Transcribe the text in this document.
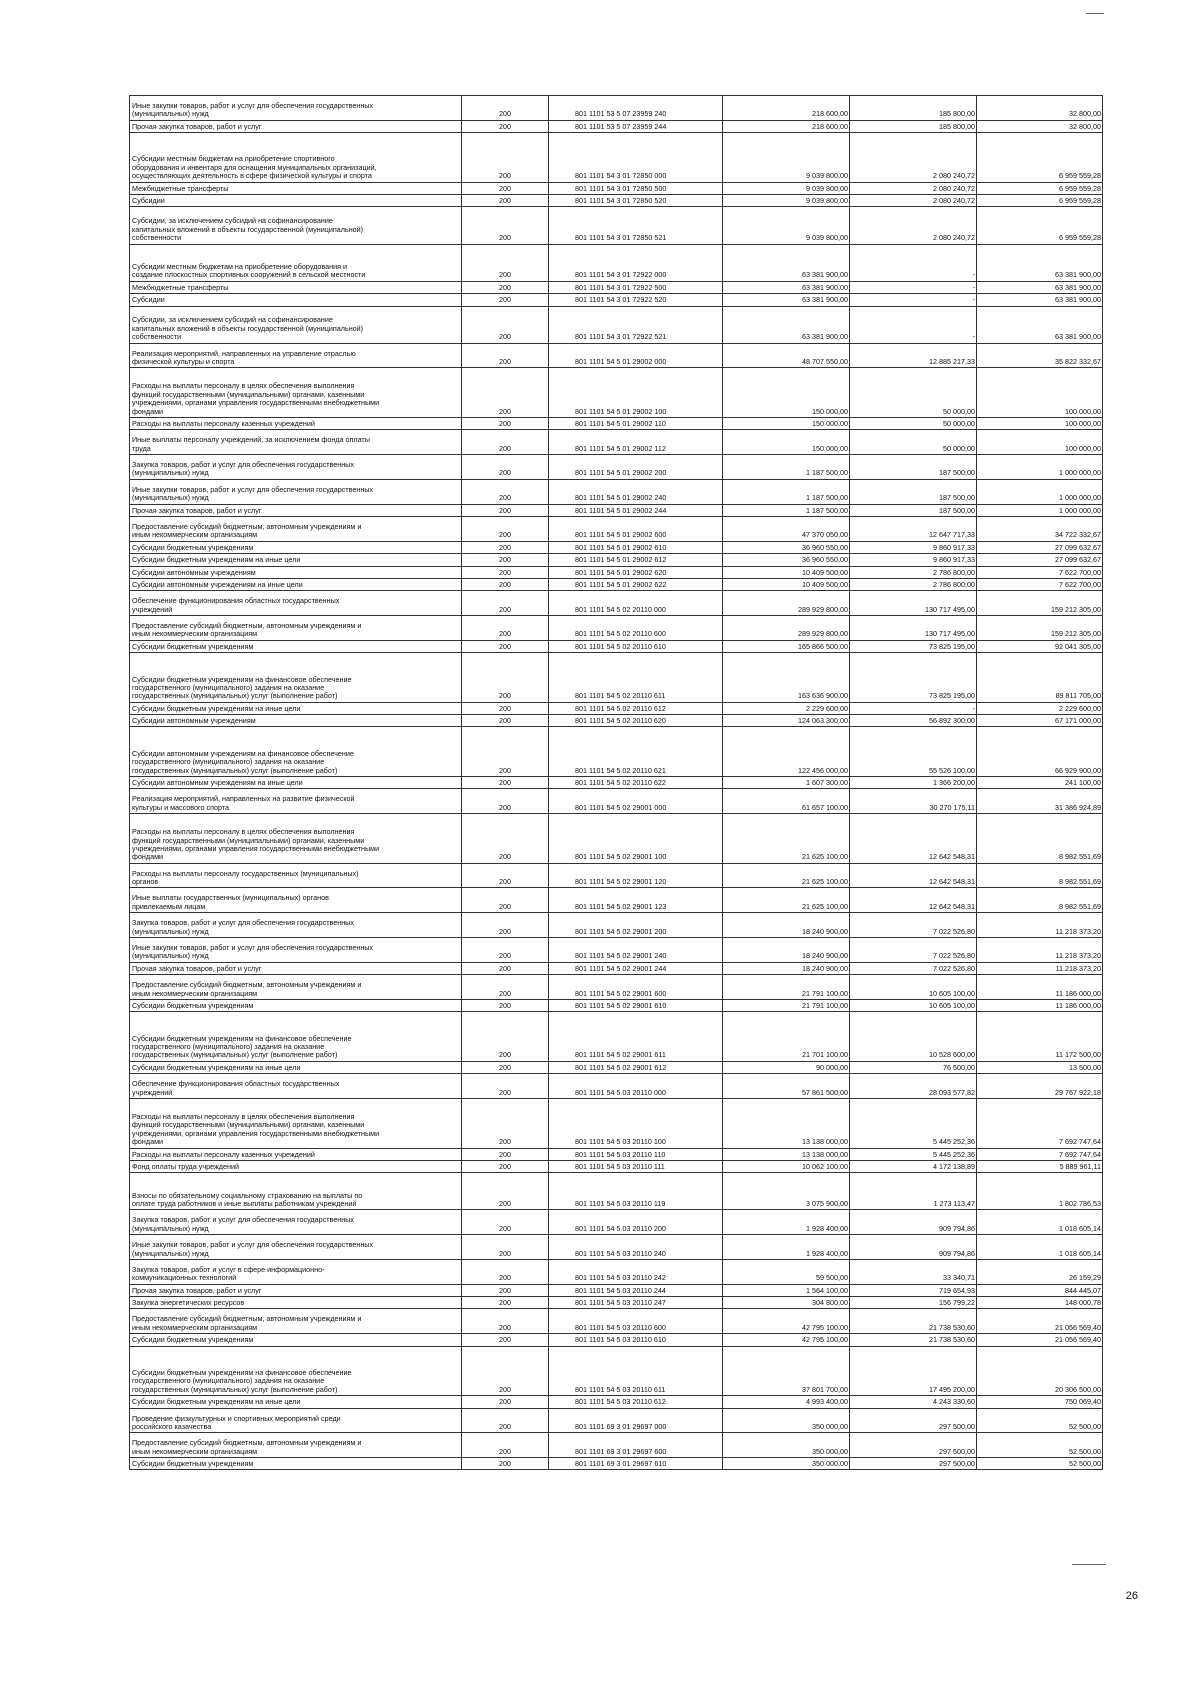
Иные закупки товаров, работ и услуг для обеспечения государственных
(муниципальных) нужд	200	801 1101 53 5 07 23959 240	218 600,00	185 800,00	32 800,00
Прочая закупка товаров, работ и услуг	200	801 1101 53 5 07 23959 244	218 600,00	185 800,00	32 800,00

Субсидии местным бюджетам на приобретение спортивного
оборудования и инвентаря для оснащения муниципальных организаций,
осуществляющих деятельность в сфере физической культуры и спорта	200	801 1101 54 3 01 72850 000	9 039 800,00	2 080 240,72	6 959 559,28
Межбюджетные трансферты	200	801 1101 54 3 01 72850 500	9 039 800,00	2 080 240,72	6 959 559,28
Субсидии	200	801 1101 54 3 01 72850 520	9 039 800,00	2 080 240,72	6 959 559,28
Субсидии, за исключением субсидий на софинансирование
капитальных вложений в объекты государственной (муниципальной)
собственности	200	801 1101 54 3 01 72850 521	9 039 800,00	2 080 240,72	6 959 559,28

Субсидии местным бюджетам на приобретение оборудования и
создание плоскостных спортивных сооружений в сельской местности	200	801 1101 54 3 01 72922 000	63 381 900,00	-	63 381 900,00
Межбюджетные трансферты	200	801 1101 54 3 01 72922 500	63 381 900,00	-	63 381 900,00
Субсидии	200	801 1101 54 3 01 72922 520	63 381 900,00	-	63 381 900,00
Субсидии, за исключением субсидий на софинансирование
капитальных вложений в объекты государственной (муниципальной)
собственности	200	801 1101 54 3 01 72922 521	63 381 900,00	-	63 381 900,00
Реализация мероприятий, направленных на управление отраслью
физической культуры и спорта	200	801 1101 54 5 01 29002 000	48 707 550,00	12 885 217,33	35 822 332,67
Расходы на выплаты персоналу в целях обеспечения выполнения
функций государственными (муниципальными) органами, казенными
учреждениями, органами управления государственными внебюджетными
фондами	200	801 1101 54 5 01 29002 100	150 000,00	50 000,00	100 000,00
Расходы на выплаты персоналу казенных учреждений	200	801 1101 54 5 01 29002 110	150 000,00	50 000,00	100 000,00
Иные выплаты персоналу учреждений, за исключением фонда оплаты
труда	200	801 1101 54 5 01 29002 112	150 000,00	50 000,00	100 000,00
Закупка товаров, работ и услуг для обеспечения государственных
(муниципальных) нужд	200	801 1101 54 5 01 29002 200	1 187 500,00	187 500,00	1 000 000,00
Иные закупки товаров, работ и услуг для обеспечения государственных
(муниципальных) нужд	200	801 1101 54 5 01 29002 240	1 187 500,00	187 500,00	1 000 000,00
Прочая закупка товаров, работ и услуг	200	801 1101 54 5 01 29002 244	1 187 500,00	187 500,00	1 000 000,00
Предоставление субсидий бюджетным, автономным учреждениям и
иным некоммерческим организациям	200	801 1101 54 5 01 29002 600	47 370 050,00	12 647 717,33	34 722 332,67
Субсидии бюджетным учреждениям	200	801 1101 54 5 01 29002 610	36 960 550,00	9 860 917,33	27 099 632,67
Субсидии бюджетным учреждениям на иные цели	200	801 1101 54 5 01 29002 612	36 960 550,00	9 860 917,33	27 099 632,67
Субсидии автономным учреждениям	200	801 1101 54 5 01 29002 620	10 409 500,00	2 786 800,00	7 622 700,00
Субсидии автономным учреждениям на иные цели	200	801 1101 54 5 01 29002 622	10 409 500,00	2 786 800,00	7 622 700,00
Обеспечение функционирования областных государственных
учреждений	200	801 1101 54 5 02 20110 000	289 929 800,00	130 717 495,00	159 212 305,00
Предоставление субсидий бюджетным, автономным учреждениям и
иным некоммерческим организациям	200	801 1101 54 5 02 20110 600	289 929 800,00	130 717 495,00	159 212 305,00
Субсидии бюджетным учреждениям	200	801 1101 54 5 02 20110 610	165 866 500,00	73 825 195,00	92 041 305,00

Субсидии бюджетным учреждениям на финансовое обеспечение
государственного (муниципального) задания на оказание
государственных (муниципальных) услуг (выполнение работ)	200	801 1101 54 5 02 20110 611	163 636 900,00	73 825 195,00	89 811 705,00
Субсидии бюджетным учреждениям на иные цели	200	801 1101 54 5 02 20110 612	2 229 600,00	-	2 229 600,00
Субсидии автономным учреждениям	200	801 1101 54 5 02 20110 620	124 063 300,00	56 892 300,00	67 171 000,00

Субсидии автономным учреждениям на финансовое обеспечение
государственного (муниципального) задания на оказание
государственных (муниципальных) услуг (выполнение работ)	200	801 1101 54 5 02 20110 621	122 456 000,00	55 526 100,00	66 929 900,00
Субсидии автономным учреждениям на иные цели	200	801 1101 54 5 02 20110 622	1 607 300,00	1 366 200,00	241 100,00
Реализация мероприятий, направленных на развитие физической
культуры и массового спорта	200	801 1101 54 5 02 29001 000	61 657 100,00	30 270 175,11	31 386 924,89
Расходы на выплаты персоналу в целях обеспечения выполнения
функций государственными (муниципальными) органами, казенными
учреждениями, органами управления государственными внебюджетными
фондами	200	801 1101 54 5 02 29001 100	21 625 100,00	12 642 548,31	8 982 551,69
Расходы на выплаты персоналу государственных (муниципальных)
органов	200	801 1101 54 5 02 29001 120	21 625 100,00	12 642 548,31	8 982 551,69
Иные выплаты государственных (муниципальных) органов
привлекаемым лицам	200	801 1101 54 5 02 29001 123	21 625 100,00	12 642 548,31	8 982 551,69
Закупка товаров, работ и услуг для обеспечения государственных
(муниципальных) нужд	200	801 1101 54 5 02 29001 200	18 240 900,00	7 022 526,80	11 218 373,20
Иные закупки товаров, работ и услуг для обеспечения государственных
(муниципальных) нужд	200	801 1101 54 5 02 29001 240	18 240 900,00	7 022 526,80	11 218 373,20
Прочая закупка товаров, работ и услуг	200	801 1101 54 5 02 29001 244	18 240 900,00	7 022 526,80	11 218 373,20
Предоставление субсидий бюджетным, автономным учреждениям и
иным некоммерческим организациям	200	801 1101 54 5 02 29001 600	21 791 100,00	10 605 100,00	11 186 000,00
Субсидии бюджетным учреждениям	200	801 1101 54 5 02 29001 610	21 791 100,00	10 605 100,00	11 186 000,00

Субсидии бюджетным учреждениям на финансовое обеспечение
государственного (муниципального) задания на оказание
государственных (муниципальных) услуг (выполнение работ)	200	801 1101 54 5 02 29001 611	21 701 100,00	10 528 600,00	11 172 500,00
Субсидии бюджетным учреждениям на иные цели	200	801 1101 54 5 02 29001 612	90 000,00	76 500,00	13 500,00
Обеспечение функционирования областных государственных
учреждений	200	801 1101 54 5 03 20110 000	57 861 500,00	28 093 577,82	29 767 922,18
Расходы на выплаты персоналу в целях обеспечения выполнения
функций государственными (муниципальными) органами, казенными
учреждениями, органами управления государственными внебюджетными
фондами	200	801 1101 54 5 03 20110 100	13 138 000,00	5 445 252,36	7 692 747,64
Расходы на выплаты персоналу казенных учреждений	200	801 1101 54 5 03 20110 110	13 138 000,00	5 445 252,36	7 692 747,64
Фонд оплаты труда учреждений	200	801 1101 54 5 03 20110 111	10 062 100,00	4 172 138,89	5 889 961,11

Взносы по обязательному социальному страхованию на выплаты по
оплате труда работников и иные выплаты работникам учреждений	200	801 1101 54 5 03 20110 119	3 075 900,00	1 273 113,47	1 802 786,53
Закупка товаров, работ и услуг для обеспечения государственных
(муниципальных) нужд	200	801 1101 54 5 03 20110 200	1 928 400,00	909 794,86	1 018 605,14
Иные закупки товаров, работ и услуг для обеспечения государственных
(муниципальных) нужд	200	801 1101 54 5 03 20110 240	1 928 400,00	909 794,86	1 018 605,14
Закупка товаров, работ и услуг в сфере информационно-
коммуникационных технологий	200	801 1101 54 5 03 20110 242	59 500,00	33 340,71	26 159,29
Прочая закупка товаров, работ и услуг	200	801 1101 54 5 03 20110 244	1 564 100,00	719 654,93	844 445,07
Закупка энергетических ресурсов	200	801 1101 54 5 03 20110 247	304 800,00	156 799,22	148 000,78
Предоставление субсидий бюджетным, автономным учреждениям и
иным некоммерческим организациям	200	801 1101 54 5 03 20110 600	42 795 100,00	21 738 530,60	21 056 569,40
Субсидии бюджетным учреждениям	200	801 1101 54 5 03 20110 610	42 795 100,00	21 738 530,60	21 056 569,40

Субсидии бюджетным учреждениям на финансовое обеспечение
государственного (муниципального) задания на оказание
государственных (муниципальных) услуг (выполнение работ)	200	801 1101 54 5 03 20110 611	37 801 700,00	17 495 200,00	20 306 500,00
Субсидии бюджетным учреждениям на иные цели	200	801 1101 54 5 03 20110 612	4 993 400,00	4 243 330,60	750 069,40
Проведение физкультурных и спортивных мероприятий среди
российского казачества	200	801 1101 69 3 01 29697 000	350 000,00	297 500,00	52 500,00
Предоставление субсидий бюджетным, автономным учреждениям и
иным некоммерческим организациям	200	801 1101 69 3 01 29697 600	350 000,00	297 500,00	52 500,00
Субсидии бюджетным учреждениям	200	801 1101 69 3 01 29697 610	350 000,00	297 500,00	52 500,00
26
